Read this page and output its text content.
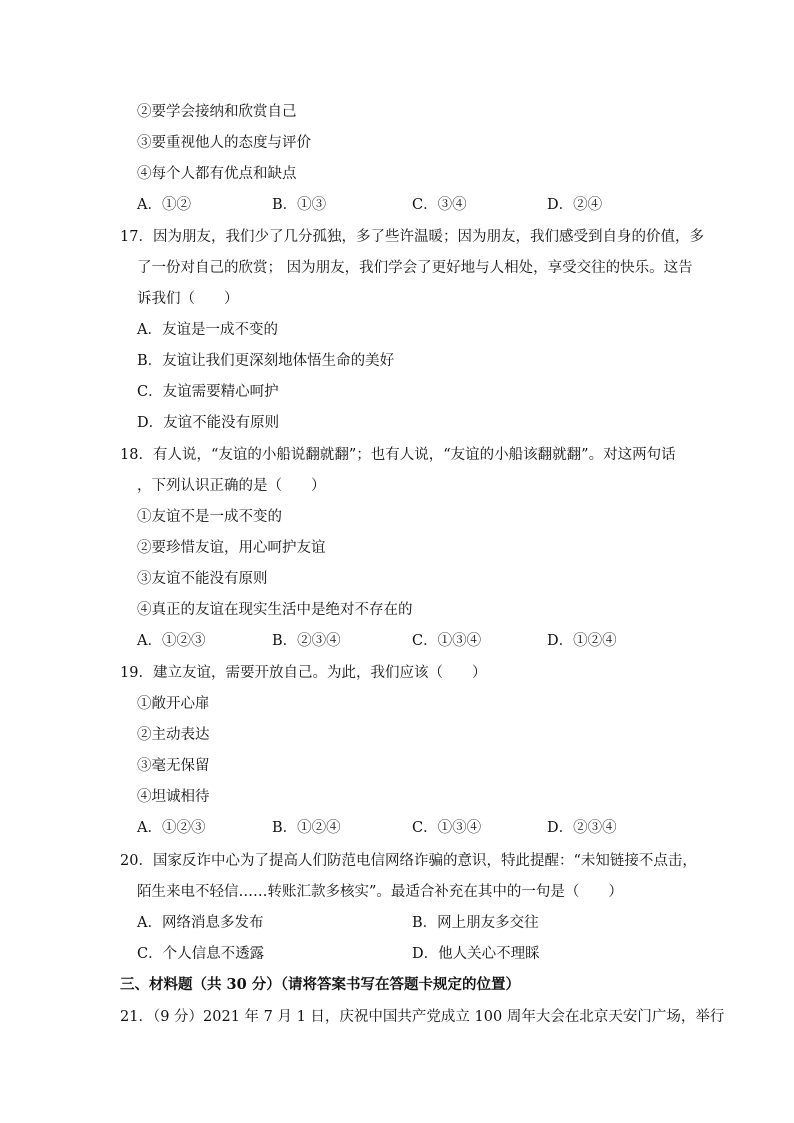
②要学会接纳和欣赏自己
③要重视他人的态度与评价
④每个人都有优点和缺点
A．①②	B．①③	C．③④	D．②④
17．因为朋友，我们少了几分孤独，多了些许温暖；因为朋友，我们感受到自身的价值，多
了一份对自己的欣赏； 因为朋友，我们学会了更好地与人相处，享受交往的快乐。这告
诉我们（　　）
A．友谊是一成不变的
B．友谊让我们更深刻地体悟生命的美好
C．友谊需要精心呵护
D．友谊不能没有原则
18．有人说，“友谊的小船说翻就翻”；也有人说，“友谊的小船该翻就翻”。对这两句话
，下列认识正确的是（　　）
①友谊不是一成不变的
②要珍惜友谊，用心呵护友谊
③友谊不能没有原则
④真正的友谊在现实生活中是绝对不存在的
A．①②③	B．②③④	C．①③④	D．①②④
19．建立友谊，需要开放自己。为此，我们应该（　　）
①敞开心扉
②主动表达
③毫无保留
④坦诚相待
A．①②③	B．①②④	C．①③④	D．②③④
20．国家反诈中心为了提高人们防范电信网络诈骗的意识，特此提醒：“未知链接不点击，
陌生来电不轻信……转账汇款多核实”。最适合补充在其中的一句是（　　）
A．网络消息多发布	B．网上朋友多交往
C．个人信息不透露	D．他人关心不理睬
三、材料题（共 30 分）（请将答案书写在答题卡规定的位置）
21．（9 分）2021 年 7 月 1 日，庆祝中国共产党成立 100 周年大会在北京天安门广场，举行
